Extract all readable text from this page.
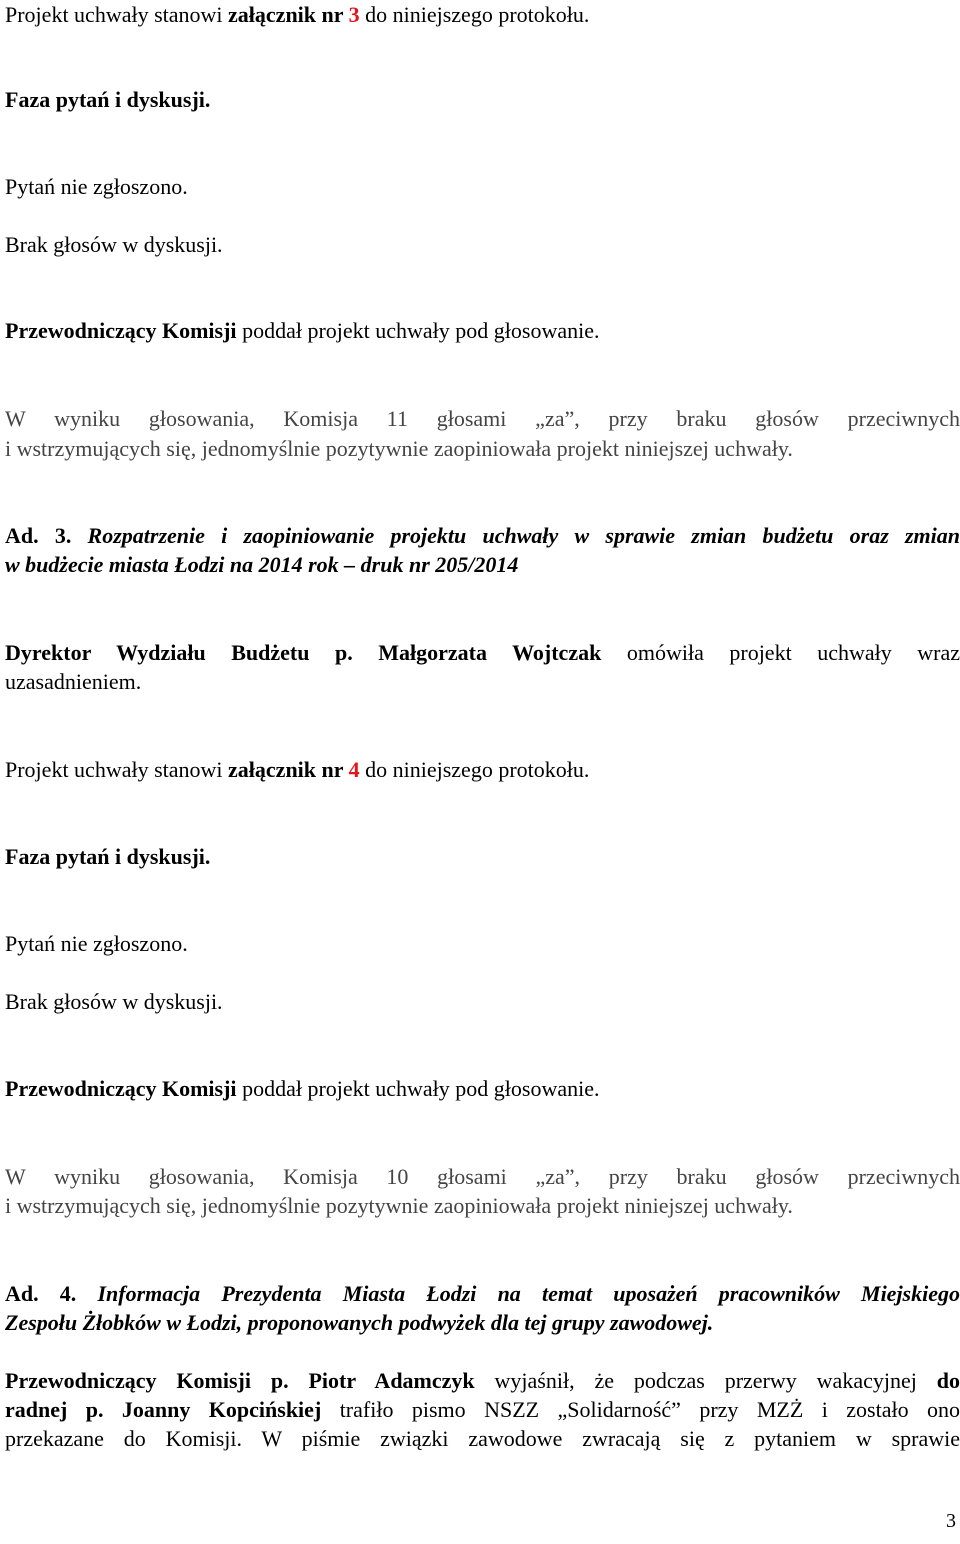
Projekt uchwały stanowi załącznik nr 3 do niniejszego protokołu.
Faza pytań i dyskusji.
Pytań nie zgłoszono.
Brak głosów w dyskusji.
Przewodniczący Komisji poddał projekt uchwały pod głosowanie.
W wyniku głosowania, Komisja 11 głosami „za”, przy braku głosów przeciwnych
i wstrzymujących się, jednomyślnie pozytywnie zaopiniowała projekt niniejszej uchwały.
Ad. 3. Rozpatrzenie i zaopiniowanie projektu uchwały w sprawie zmian budżetu oraz zmian
w budżecie miasta Łodzi na 2014 rok – druk nr 205/2014
Dyrektor Wydziału Budżetu p. Małgorzata Wojtczak omówiła projekt uchwały wraz
uzasadnieniem.
Projekt uchwały stanowi załącznik nr 4 do niniejszego protokołu.
Faza pytań i dyskusji.
Pytań nie zgłoszono.
Brak głosów w dyskusji.
Przewodniczący Komisji poddał projekt uchwały pod głosowanie.
W wyniku głosowania, Komisja 10 głosami „za”, przy braku głosów przeciwnych
i wstrzymujących się, jednomyślnie pozytywnie zaopiniowała projekt niniejszej uchwały.
Ad. 4. Informacja Prezydenta Miasta Łodzi na temat uposażeń pracowników Miejskiego
Zespołu Żłobków w Łodzi, proponowanych podwyżek dla tej grupy zawodowej.
Przewodniczący Komisji p. Piotr Adamczyk wyjaśnił, że podczas przerwy wakacyjnej do
radnej p. Joanny Kopcińskiej trafiło pismo NSZZ „Solidarność” przy MZŻ i zostało ono
przekazane do Komisji. W piśmie związki zawodowe zwracają się z pytaniem w sprawie
3
